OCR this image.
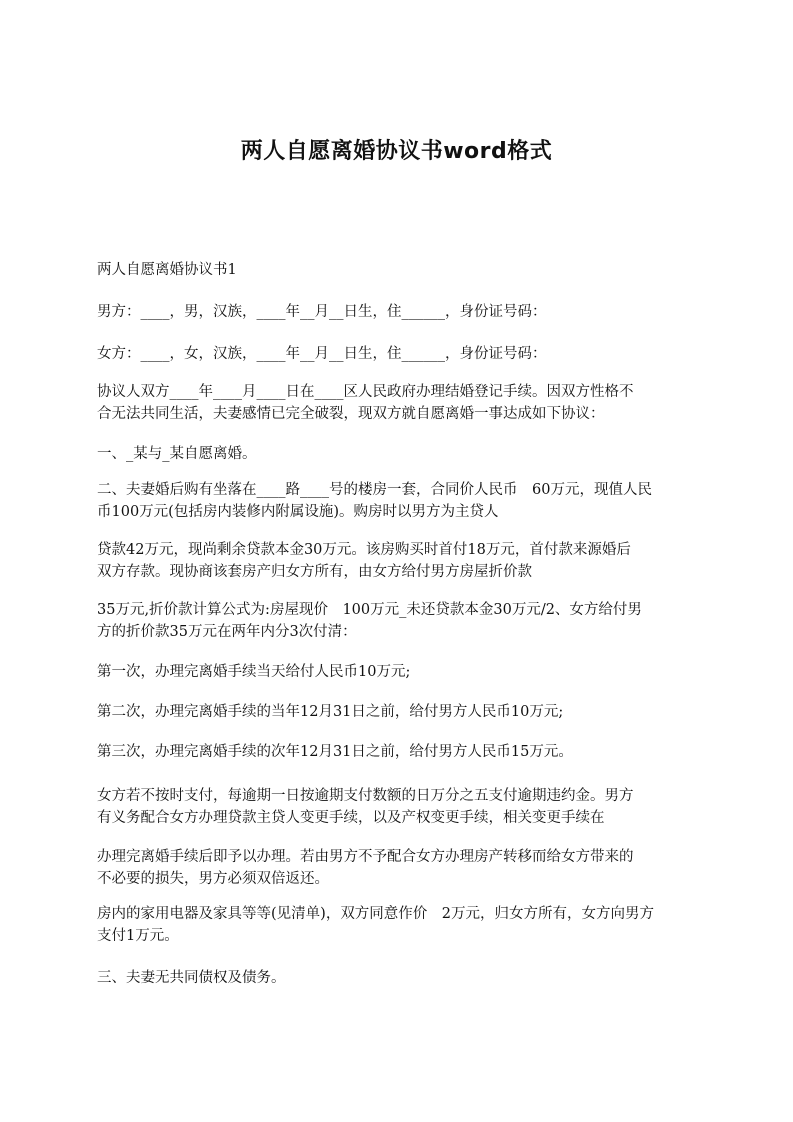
两人自愿离婚协议书word格式
两人自愿离婚协议书1
男方：____，男，汉族，____年__月__日生，住______，身份证号码：
女方：____，女，汉族，____年__月__日生，住______，身份证号码：
协议人双方____年____月____日在____区人民政府办理结婚登记手续。因双方性格不
合无法共同生活，夫妻感情已完全破裂，现双方就自愿离婚一事达成如下协议：
一、_某与_某自愿离婚。
二、夫妻婚后购有坐落在____路____号的楼房一套，合同价人民币　60万元，现值人民
币100万元(包括房内装修内附属设施)。购房时以男方为主贷人
贷款42万元，现尚剩余贷款本金30万元。该房购买时首付18万元，首付款来源婚后
双方存款。现协商该套房产归女方所有，由女方给付男方房屋折价款
35万元,折价款计算公式为:房屋现价　100万元_未还贷款本金30万元/2、女方给付男
方的折价款35万元在两年内分3次付清：
第一次，办理完离婚手续当天给付人民币10万元;
第二次，办理完离婚手续的当年12月31日之前，给付男方人民币10万元;
第三次，办理完离婚手续的次年12月31日之前，给付男方人民币15万元。
女方若不按时支付，每逾期一日按逾期支付数额的日万分之五支付逾期违约金。男方
有义务配合女方办理贷款主贷人变更手续，以及产权变更手续，相关变更手续在
办理完离婚手续后即予以办理。若由男方不予配合女方办理房产转移而给女方带来的
不必要的损失，男方必须双倍返还。
房内的家用电器及家具等等(见清单)，双方同意作价　2万元，归女方所有，女方向男方
支付1万元。
三、夫妻无共同债权及债务。
